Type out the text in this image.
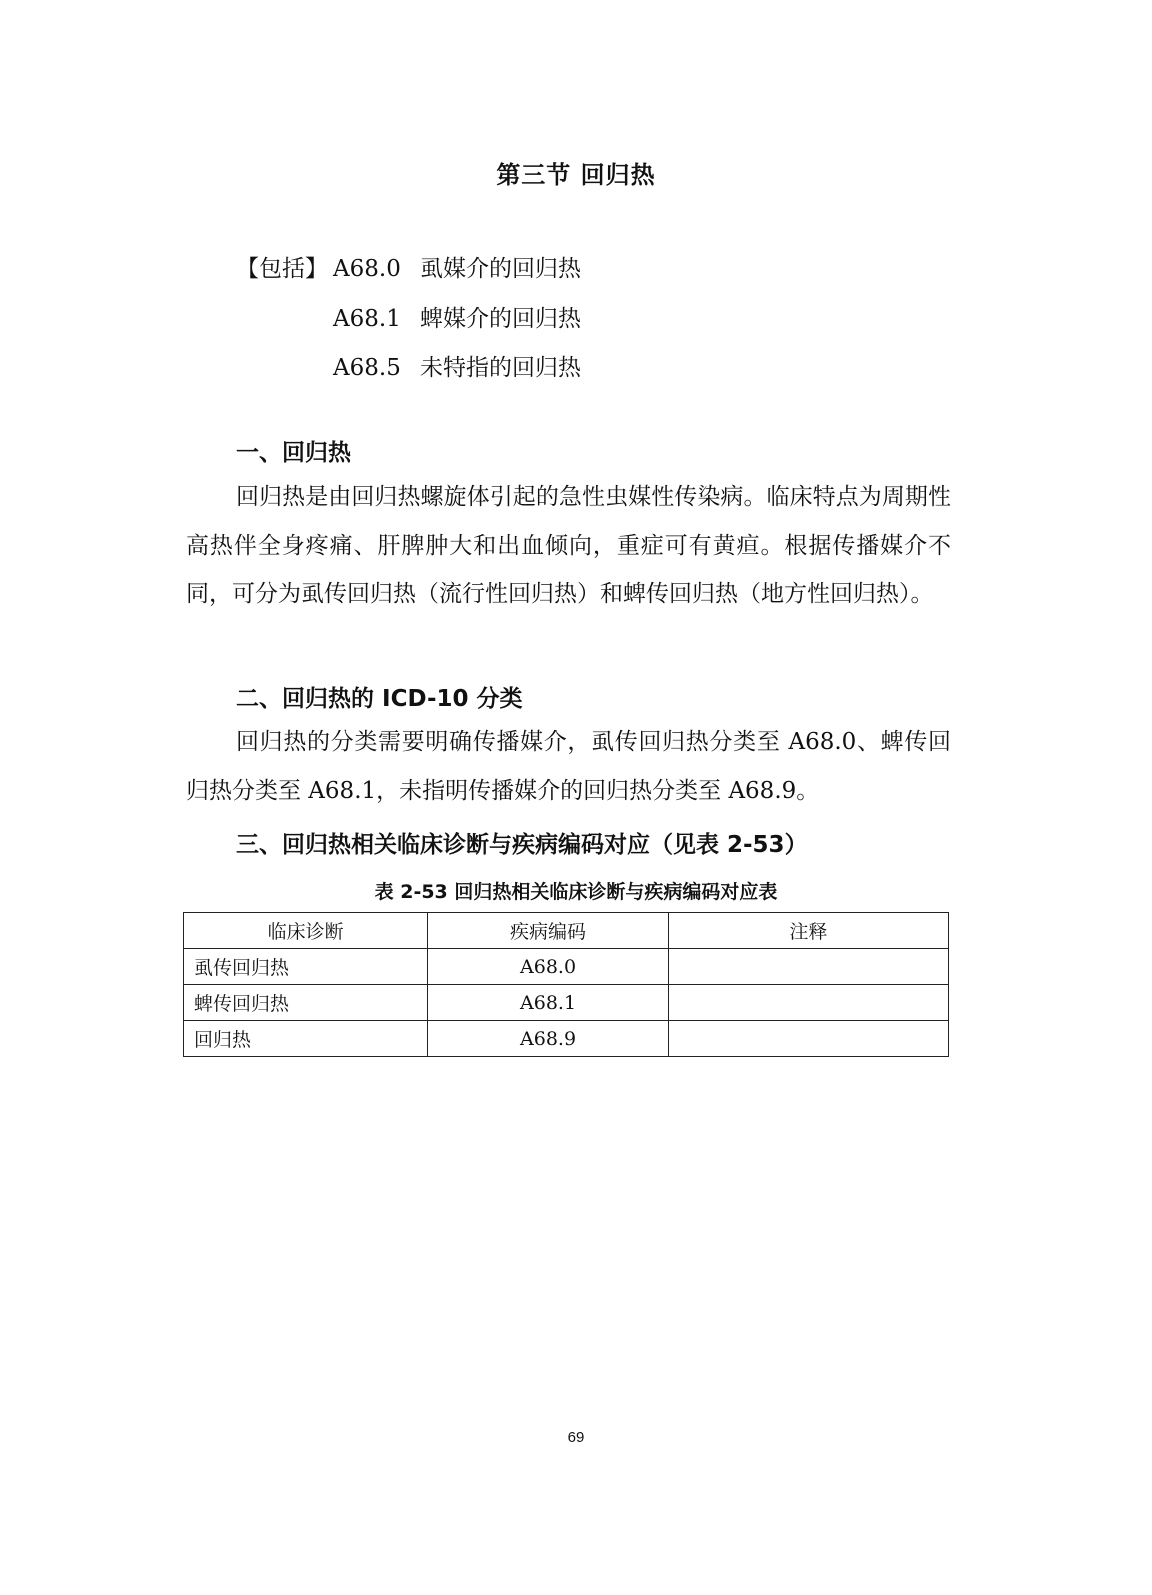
第三节 回归热
【包括】 A68.0 虱媒介的回归热
A68.1 蜱媒介的回归热
A68.5 未特指的回归热
一、回归热
回归热是由回归热螺旋体引起的急性虫媒性传染病。临床特点为周期性高热伴全身疼痛、肝脾肿大和出血倾向，重症可有黄疸。根据传播媒介不同，可分为虱传回归热（流行性回归热）和蜱传回归热（地方性回归热）。
二、回归热的 ICD-10 分类
回归热的分类需要明确传播媒介，虱传回归热分类至 A68.0、蜱传回归热分类至 A68.1，未指明传播媒介的回归热分类至 A68.9。
三、回归热相关临床诊断与疾病编码对应（见表 2-53）
表 2-53 回归热相关临床诊断与疾病编码对应表
临床诊断	疾病编码	注释
虱传回归热	A68.0	
蜱传回归热	A68.1	
回归热	A68.9	
69
